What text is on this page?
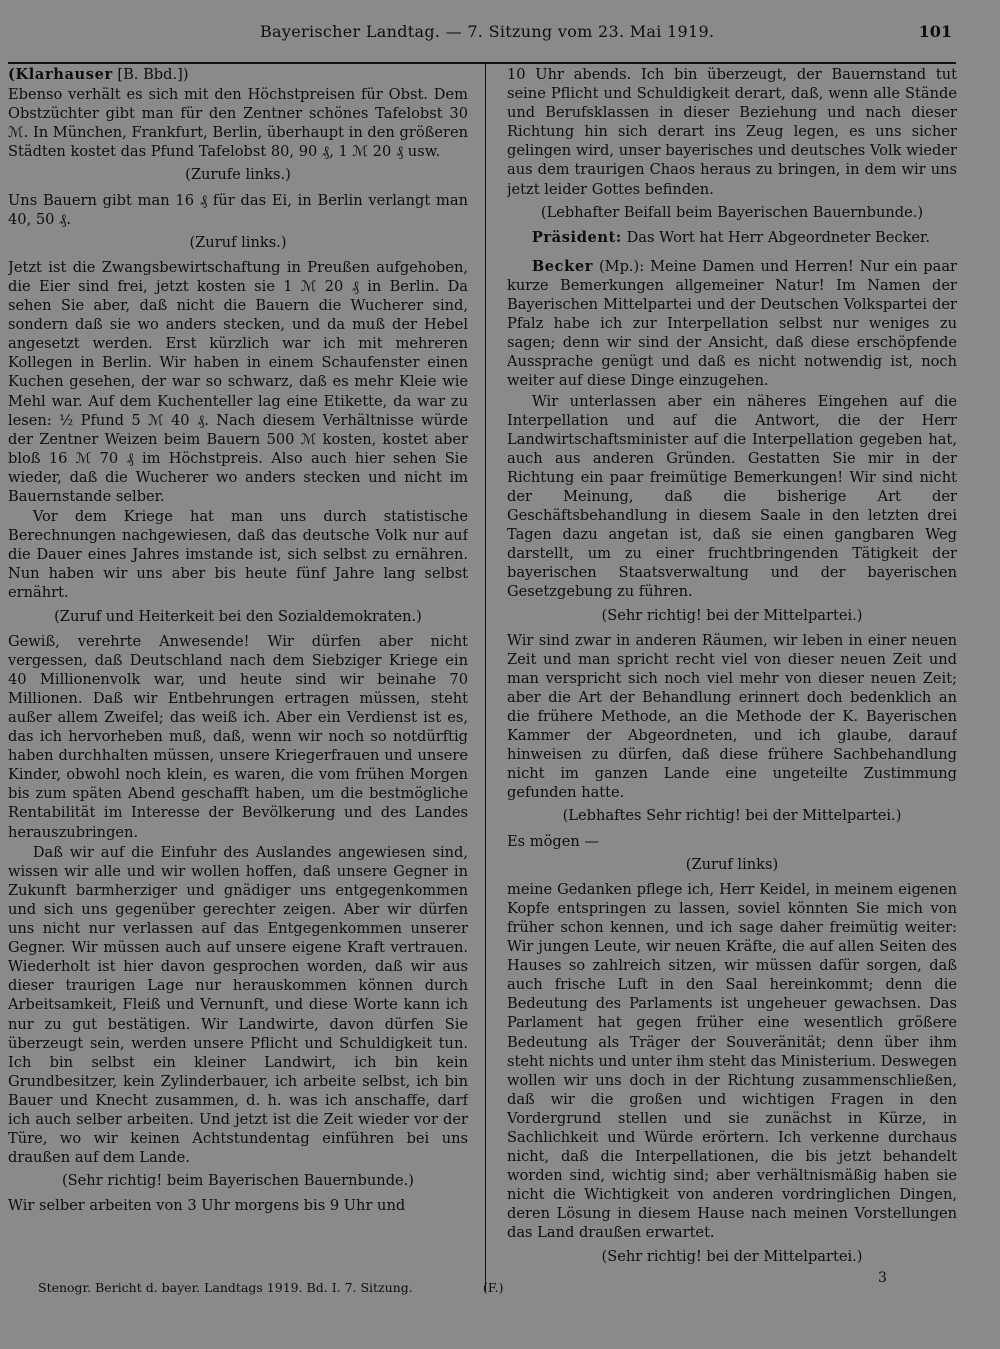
Bayerischer Landtag. — 7. Sitzung vom 23. Mai 1919.	101

(Klarhauser [B. Bbd.])

Ebenso verhält es sich mit den Höchstpreisen für Obst. Dem Obstzüchter gibt man für den Zentner schönes Tafelobst 30 ℳ. In München, Frankfurt, Berlin, überhaupt in den größeren Städten kostet das Pfund Tafelobst 80, 90 ₰, 1 ℳ 20 ₰ usw.

(Zurufe links.)

Uns Bauern gibt man 16 ₰ für das Ei, in Berlin verlangt man 40, 50 ₰.

(Zuruf links.)

Jetzt ist die Zwangsbewirtschaftung in Preußen aufgehoben, die Eier sind frei, jetzt kosten sie 1 ℳ 20 ₰ in Berlin. Da sehen Sie aber, daß nicht die Bauern die Wucherer sind, sondern daß sie wo anders stecken, und da muß der Hebel angesetzt werden. Erst kürzlich war ich mit mehreren Kollegen in Berlin. Wir haben in einem Schaufenster einen Kuchen gesehen, der war so schwarz, daß es mehr Kleie wie Mehl war. Auf dem Kuchenteller lag eine Etikette, da war zu lesen: ½ Pfund 5 ℳ 40 ₰. Nach diesem Verhältnisse würde der Zentner Weizen beim Bauern 500 ℳ kosten, kostet aber bloß 16 ℳ 70 ₰ im Höchstpreis. Also auch hier sehen Sie wieder, daß die Wucherer wo anders stecken und nicht im Bauernstande selber.

Vor dem Kriege hat man uns durch statistische Berechnungen nachgewiesen, daß das deutsche Volk nur auf die Dauer eines Jahres imstande ist, sich selbst zu ernähren. Nun haben wir uns aber bis heute fünf Jahre lang selbst ernährt.

(Zuruf und Heiterkeit bei den Sozialdemokraten.)

Gewiß, verehrte Anwesende! Wir dürfen aber nicht vergessen, daß Deutschland nach dem Siebziger Kriege ein 40 Millionenvolk war, und heute sind wir beinahe 70 Millionen. Daß wir Entbehrungen ertragen müssen, steht außer allem Zweifel; das weiß ich. Aber ein Verdienst ist es, das ich hervorheben muß, daß, wenn wir noch so notdürftig haben durchhalten müssen, unsere Kriegerfrauen und unsere Kinder, obwohl noch klein, es waren, die vom frühen Morgen bis zum späten Abend geschafft haben, um die bestmögliche Rentabilität im Interesse der Bevölkerung und des Landes herauszubringen.

Daß wir auf die Einfuhr des Auslandes angewiesen sind, wissen wir alle und wir wollen hoffen, daß unsere Gegner in Zukunft barmherziger und gnädiger uns entgegenkommen und sich uns gegenüber gerechter zeigen. Aber wir dürfen uns nicht nur verlassen auf das Entgegenkommen unserer Gegner. Wir müssen auch auf unsere eigene Kraft vertrauen. Wiederholt ist hier davon gesprochen worden, daß wir aus dieser traurigen Lage nur herauskommen können durch Arbeitsamkeit, Fleiß und Vernunft, und diese Worte kann ich nur zu gut bestätigen. Wir Landwirte, davon dürfen Sie überzeugt sein, werden unsere Pflicht und Schuldigkeit tun. Ich bin selbst ein kleiner Landwirt, ich bin kein Grundbesitzer, kein Zylinderbauer, ich arbeite selbst, ich bin Bauer und Knecht zusammen, d. h. was ich anschaffe, darf ich auch selber arbeiten. Und jetzt ist die Zeit wieder vor der Türe, wo wir keinen Achtstundentag einführen bei uns draußen auf dem Lande.

(Sehr richtig! beim Bayerischen Bauernbunde.)

Wir selber arbeiten von 3 Uhr morgens bis 9 Uhr und

10 Uhr abends. Ich bin überzeugt, der Bauernstand tut seine Pflicht und Schuldigkeit derart, daß, wenn alle Stände und Berufsklassen in dieser Beziehung und nach dieser Richtung hin sich derart ins Zeug legen, es uns sicher gelingen wird, unser bayerisches und deutsches Volk wieder aus dem traurigen Chaos heraus zu bringen, in dem wir uns jetzt leider Gottes befinden.

(Lebhafter Beifall beim Bayerischen Bauernbunde.)

Präsident: Das Wort hat Herr Abgeordneter Becker.

Becker (Mp.): Meine Damen und Herren! Nur ein paar kurze Bemerkungen allgemeiner Natur! Im Namen der Bayerischen Mittelpartei und der Deutschen Volkspartei der Pfalz habe ich zur Interpellation selbst nur weniges zu sagen; denn wir sind der Ansicht, daß diese erschöpfende Aussprache genügt und daß es nicht notwendig ist, noch weiter auf diese Dinge einzugehen.

Wir unterlassen aber ein näheres Eingehen auf die Interpellation und auf die Antwort, die der Herr Landwirtschaftsminister auf die Interpellation gegeben hat, auch aus anderen Gründen. Gestatten Sie mir in der Richtung ein paar freimütige Bemerkungen! Wir sind nicht der Meinung, daß die bisherige Art der Geschäftsbehandlung in diesem Saale in den letzten drei Tagen dazu angetan ist, daß sie einen gangbaren Weg darstellt, um zu einer fruchtbringenden Tätigkeit der bayerischen Staatsverwaltung und der bayerischen Gesetzgebung zu führen.

(Sehr richtig! bei der Mittelpartei.)

Wir sind zwar in anderen Räumen, wir leben in einer neuen Zeit und man spricht recht viel von dieser neuen Zeit und man verspricht sich noch viel mehr von dieser neuen Zeit; aber die Art der Behandlung erinnert doch bedenklich an die frühere Methode, an die Methode der K. Bayerischen Kammer der Abgeordneten, und ich glaube, darauf hinweisen zu dürfen, daß diese frühere Sachbehandlung nicht im ganzen Lande eine ungeteilte Zustimmung gefunden hatte.

(Lebhaftes Sehr richtig! bei der Mittelpartei.)

Es mögen —

(Zuruf links)

meine Gedanken pflege ich, Herr Keidel, in meinem eigenen Kopfe entspringen zu lassen, soviel könnten Sie mich von früher schon kennen, und ich sage daher freimütig weiter: Wir jungen Leute, wir neuen Kräfte, die auf allen Seiten des Hauses so zahlreich sitzen, wir müssen dafür sorgen, daß auch frische Luft in den Saal hereinkommt; denn die Bedeutung des Parlaments ist ungeheuer gewachsen. Das Parlament hat gegen früher eine wesentlich größere Bedeutung als Träger der Souveränität; denn über ihm steht nichts und unter ihm steht das Ministerium. Deswegen wollen wir uns doch in der Richtung zusammenschließen, daß wir die großen und wichtigen Fragen in den Vordergrund stellen und sie zunächst in Kürze, in Sachlichkeit und Würde erörtern. Ich verkenne durchaus nicht, daß die Interpellationen, die bis jetzt behandelt worden sind, wichtig sind; aber verhältnismäßig haben sie nicht die Wichtigkeit von anderen vordringlichen Dingen, deren Lösung in diesem Hause nach meinen Vorstellungen das Land draußen erwartet.

(Sehr richtig! bei der Mittelpartei.)

Stenogr. Bericht d. bayer. Landtags 1919. Bd. I. 7. Sitzung.	(F.)
3
